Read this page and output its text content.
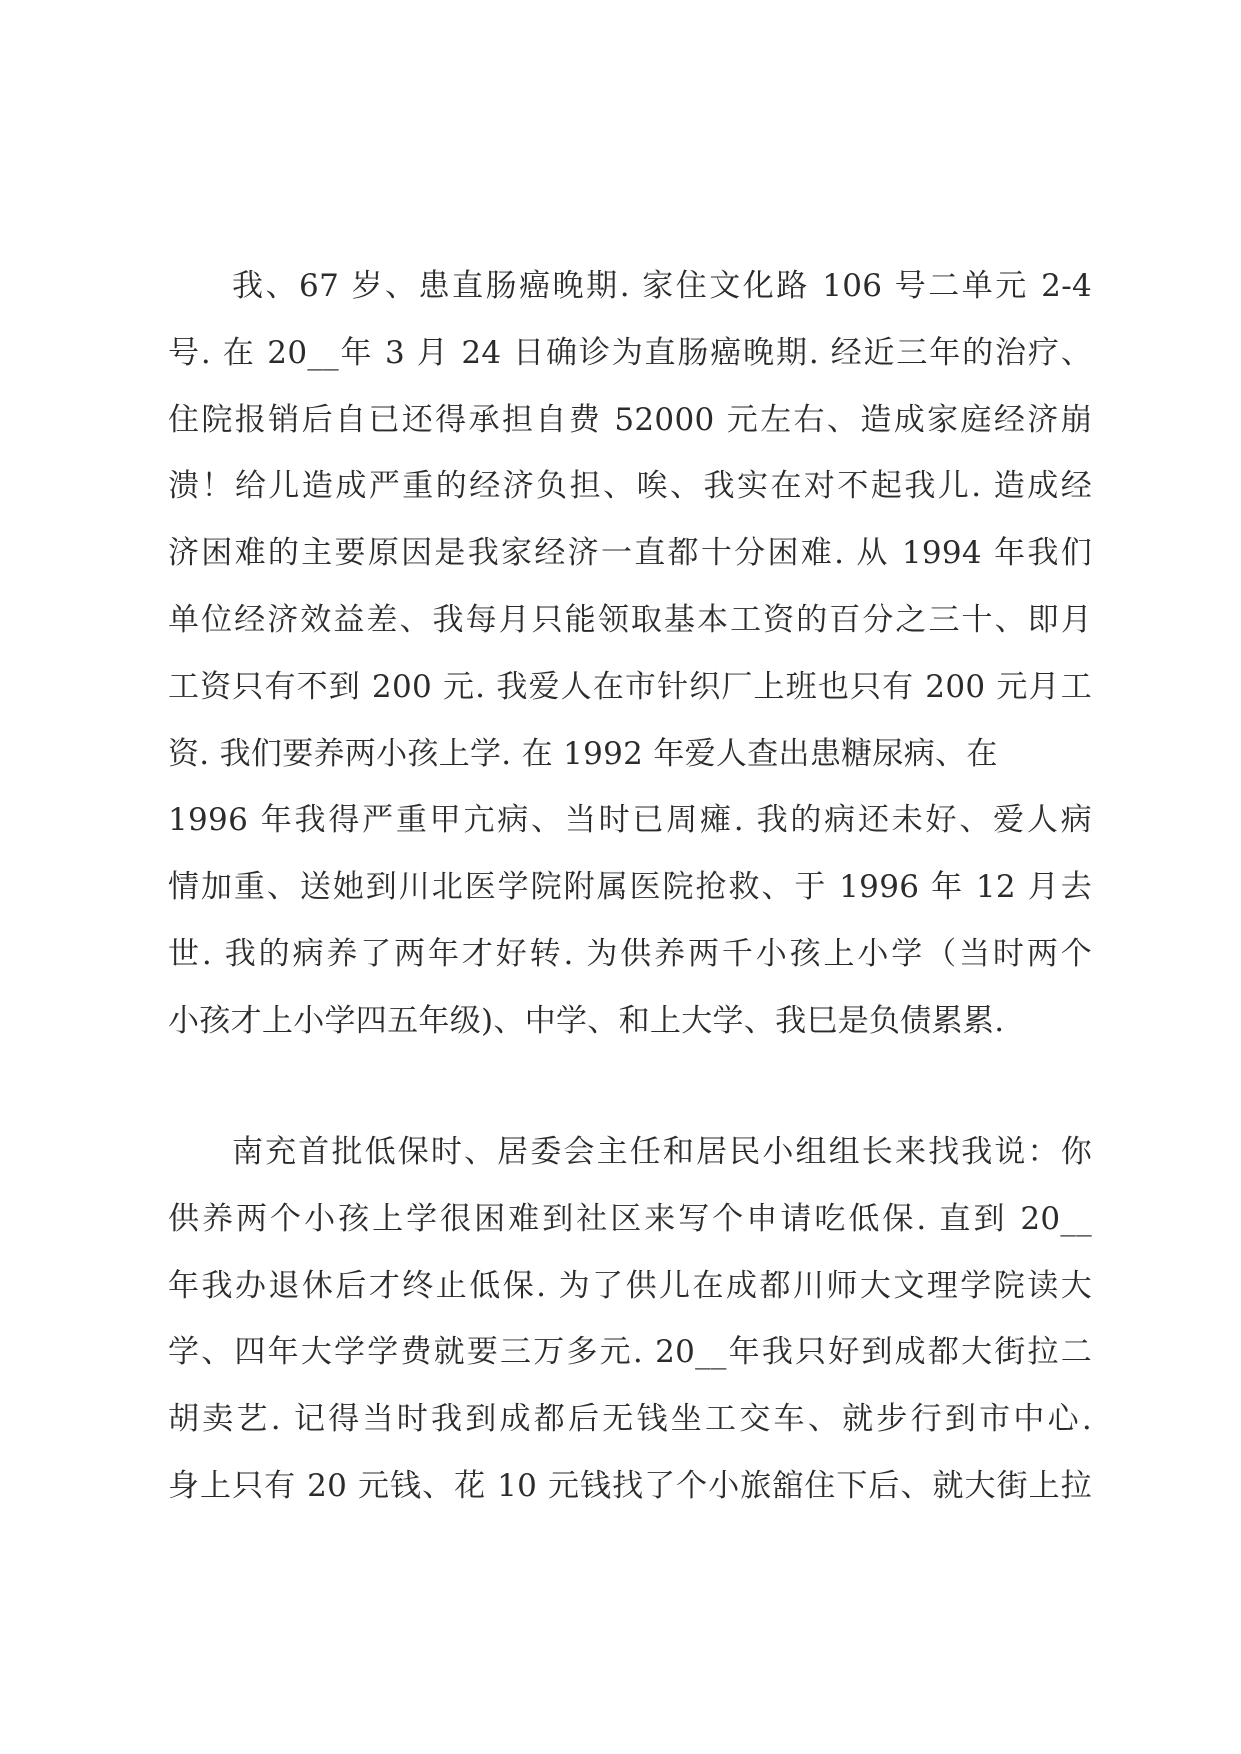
我、67 岁、患直肠癌晚期. 家住文化路 106 号二单元 2-4
号. 在 20__年 3 月 24 日确诊为直肠癌晚期. 经近三年的治疗、
住院报销后自已还得承担自费 52000 元左右、造成家庭经济崩
溃！给儿造成严重的经济负担、唉、我实在对不起我儿. 造成经
济困难的主要原因是我家经济一直都十分困难. 从 1994 年我们
单位经济效益差、我每月只能领取基本工资的百分之三十、即月
工资只有不到 200 元. 我爱人在市针织厂上班也只有 200 元月工
资. 我们要养两小孩上学. 在 1992 年爱人查出患糖尿病、在
1996 年我得严重甲亢病、当时已周瘫. 我的病还未好、爱人病
情加重、送她到川北医学院附属医院抢救、于 1996 年 12 月去
世. 我的病养了两年才好转. 为供养两千小孩上小学（当时两个
小孩才上小学四五年级)、中学、和上大学、我巳是负债累累.
南充首批低保时、居委会主任和居民小组组长来找我说：你
供养两个小孩上学很困难到社区来写个申请吃低保. 直到 20__
年我办退休后才终止低保. 为了供儿在成都川师大文理学院读大
学、四年大学学费就要三万多元. 20__年我只好到成都大街拉二
胡卖艺. 记得当时我到成都后无钱坐工交车、就步行到市中心.
身上只有 20 元钱、花 10 元钱找了个小旅舘住下后、就大街上拉
